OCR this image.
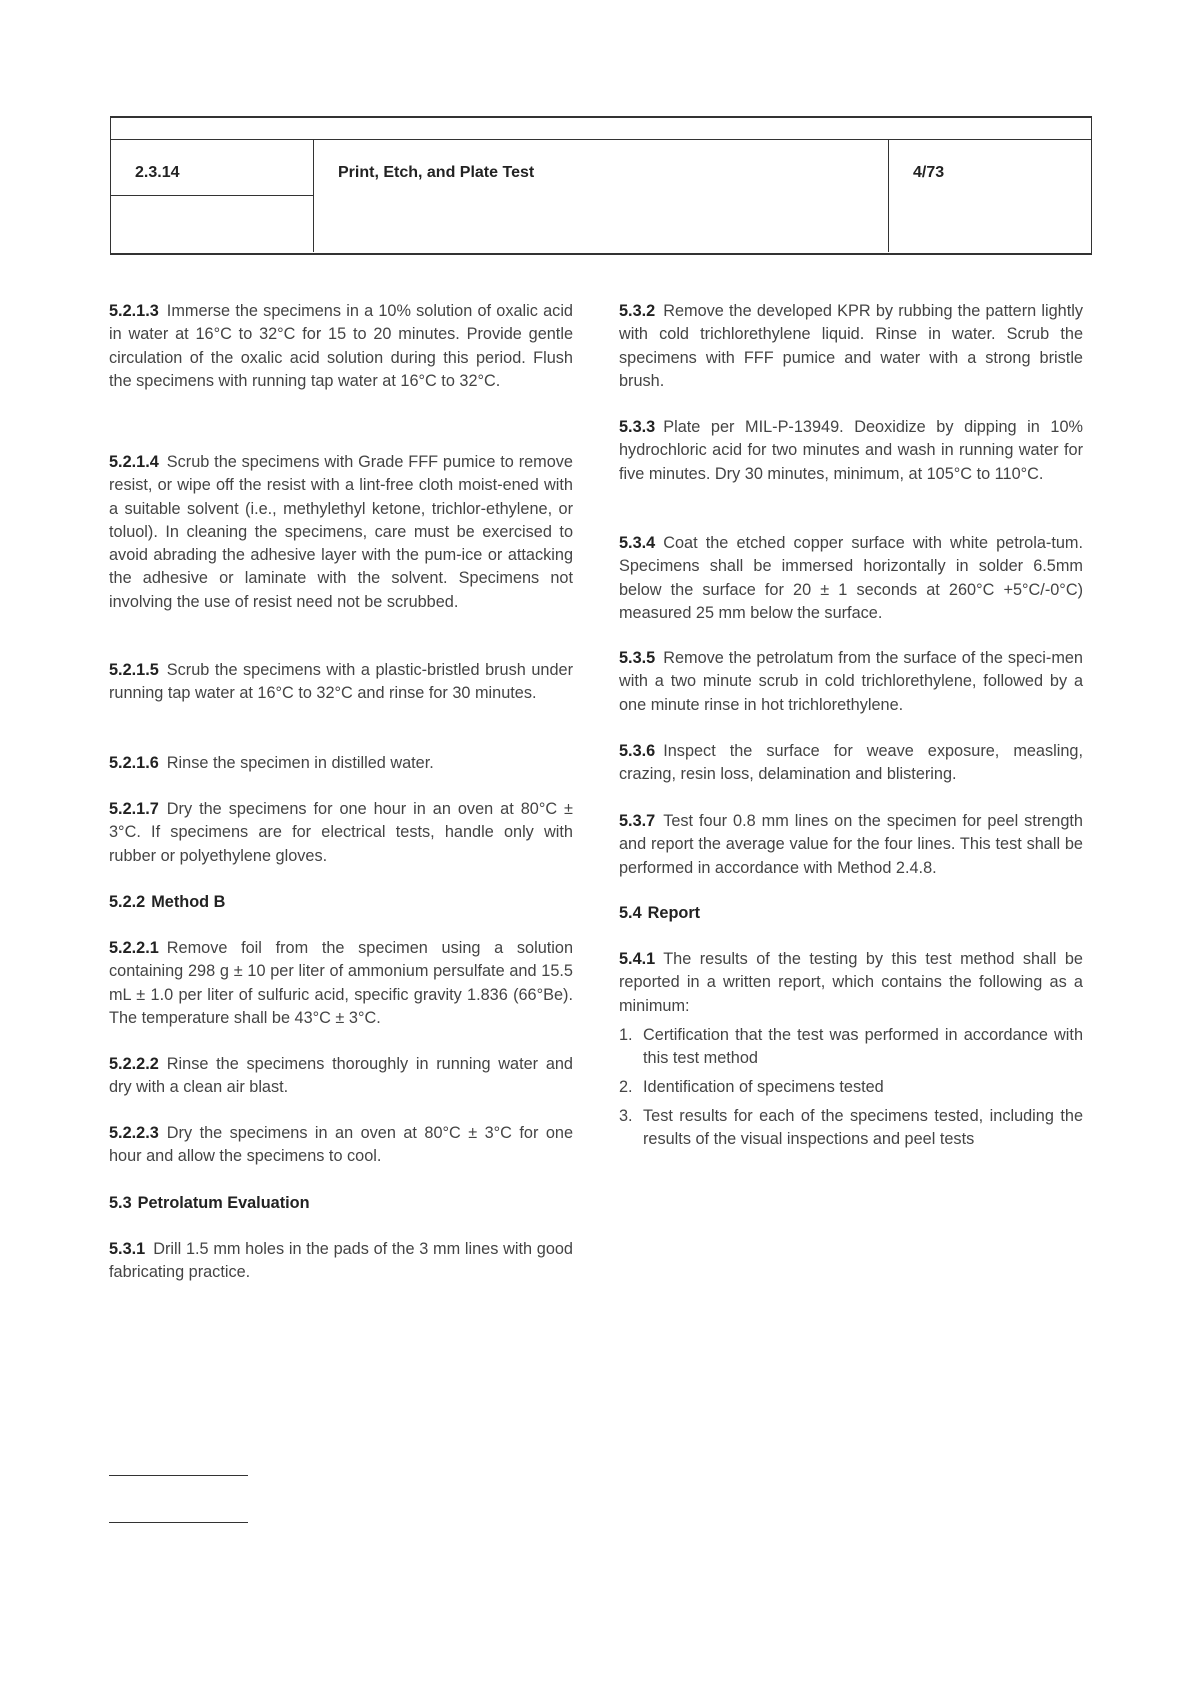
2.3.14	Print, Etch, and Plate Test	4/73

5.2.1.3 Immerse the specimens in a 10% solution of oxalic acid in water at 16°C to 32°C for 15 to 20 minutes. Provide gentle circulation of the oxalic acid solution during this period. Flush the specimens with running tap water at 16°C to 32°C.

5.2.1.4 Scrub the specimens with Grade FFF pumice to remove resist, or wipe off the resist with a lint-free cloth moist-ened with a suitable solvent (i.e., methylethyl ketone, trichlor-ethylene, or toluol). In cleaning the specimens, care must be exercised to avoid abrading the adhesive layer with the pum-ice or attacking the adhesive or laminate with the solvent. Specimens not involving the use of resist need not be scrubbed.

5.2.1.5 Scrub the specimens with a plastic-bristled brush under running tap water at 16°C to 32°C and rinse for 30 minutes.

5.2.1.6 Rinse the specimen in distilled water.

5.2.1.7 Dry the specimens for one hour in an oven at 80°C ± 3°C. If specimens are for electrical tests, handle only with rubber or polyethylene gloves.

5.2.2 Method B

5.2.2.1 Remove foil from the specimen using a solution containing 298 g ± 10 per liter of ammonium persulfate and 15.5 mL ± 1.0 per liter of sulfuric acid, specific gravity 1.836 (66°Be). The temperature shall be 43°C ± 3°C.

5.2.2.2 Rinse the specimens thoroughly in running water and dry with a clean air blast.

5.2.2.3 Dry the specimens in an oven at 80°C ± 3°C for one hour and allow the specimens to cool.

5.3 Petrolatum Evaluation

5.3.1 Drill 1.5 mm holes in the pads of the 3 mm lines with good fabricating practice.

5.3.2 Remove the developed KPR by rubbing the pattern lightly with cold trichlorethylene liquid. Rinse in water. Scrub the specimens with FFF pumice and water with a strong bristle brush.

5.3.3 Plate per MIL-P-13949. Deoxidize by dipping in 10% hydrochloric acid for two minutes and wash in running water for five minutes. Dry 30 minutes, minimum, at 105°C to 110°C.

5.3.4 Coat the etched copper surface with white petrola-tum. Specimens shall be immersed horizontally in solder 6.5mm below the surface for 20 ± 1 seconds at 260°C +5°C/-0°C) measured 25 mm below the surface.

5.3.5 Remove the petrolatum from the surface of the speci-men with a two minute scrub in cold trichlorethylene, followed by a one minute rinse in hot trichlorethylene.

5.3.6 Inspect the surface for weave exposure, measling, crazing, resin loss, delamination and blistering.

5.3.7 Test four 0.8 mm lines on the specimen for peel strength and report the average value for the four lines. This test shall be performed in accordance with Method 2.4.8.

5.4 Report

5.4.1 The results of the testing by this test method shall be reported in a written report, which contains the following as a minimum:

1. Certification that the test was performed in accordance with this test method
2. Identification of specimens tested
3. Test results for each of the specimens tested, including the results of the visual inspections and peel tests
